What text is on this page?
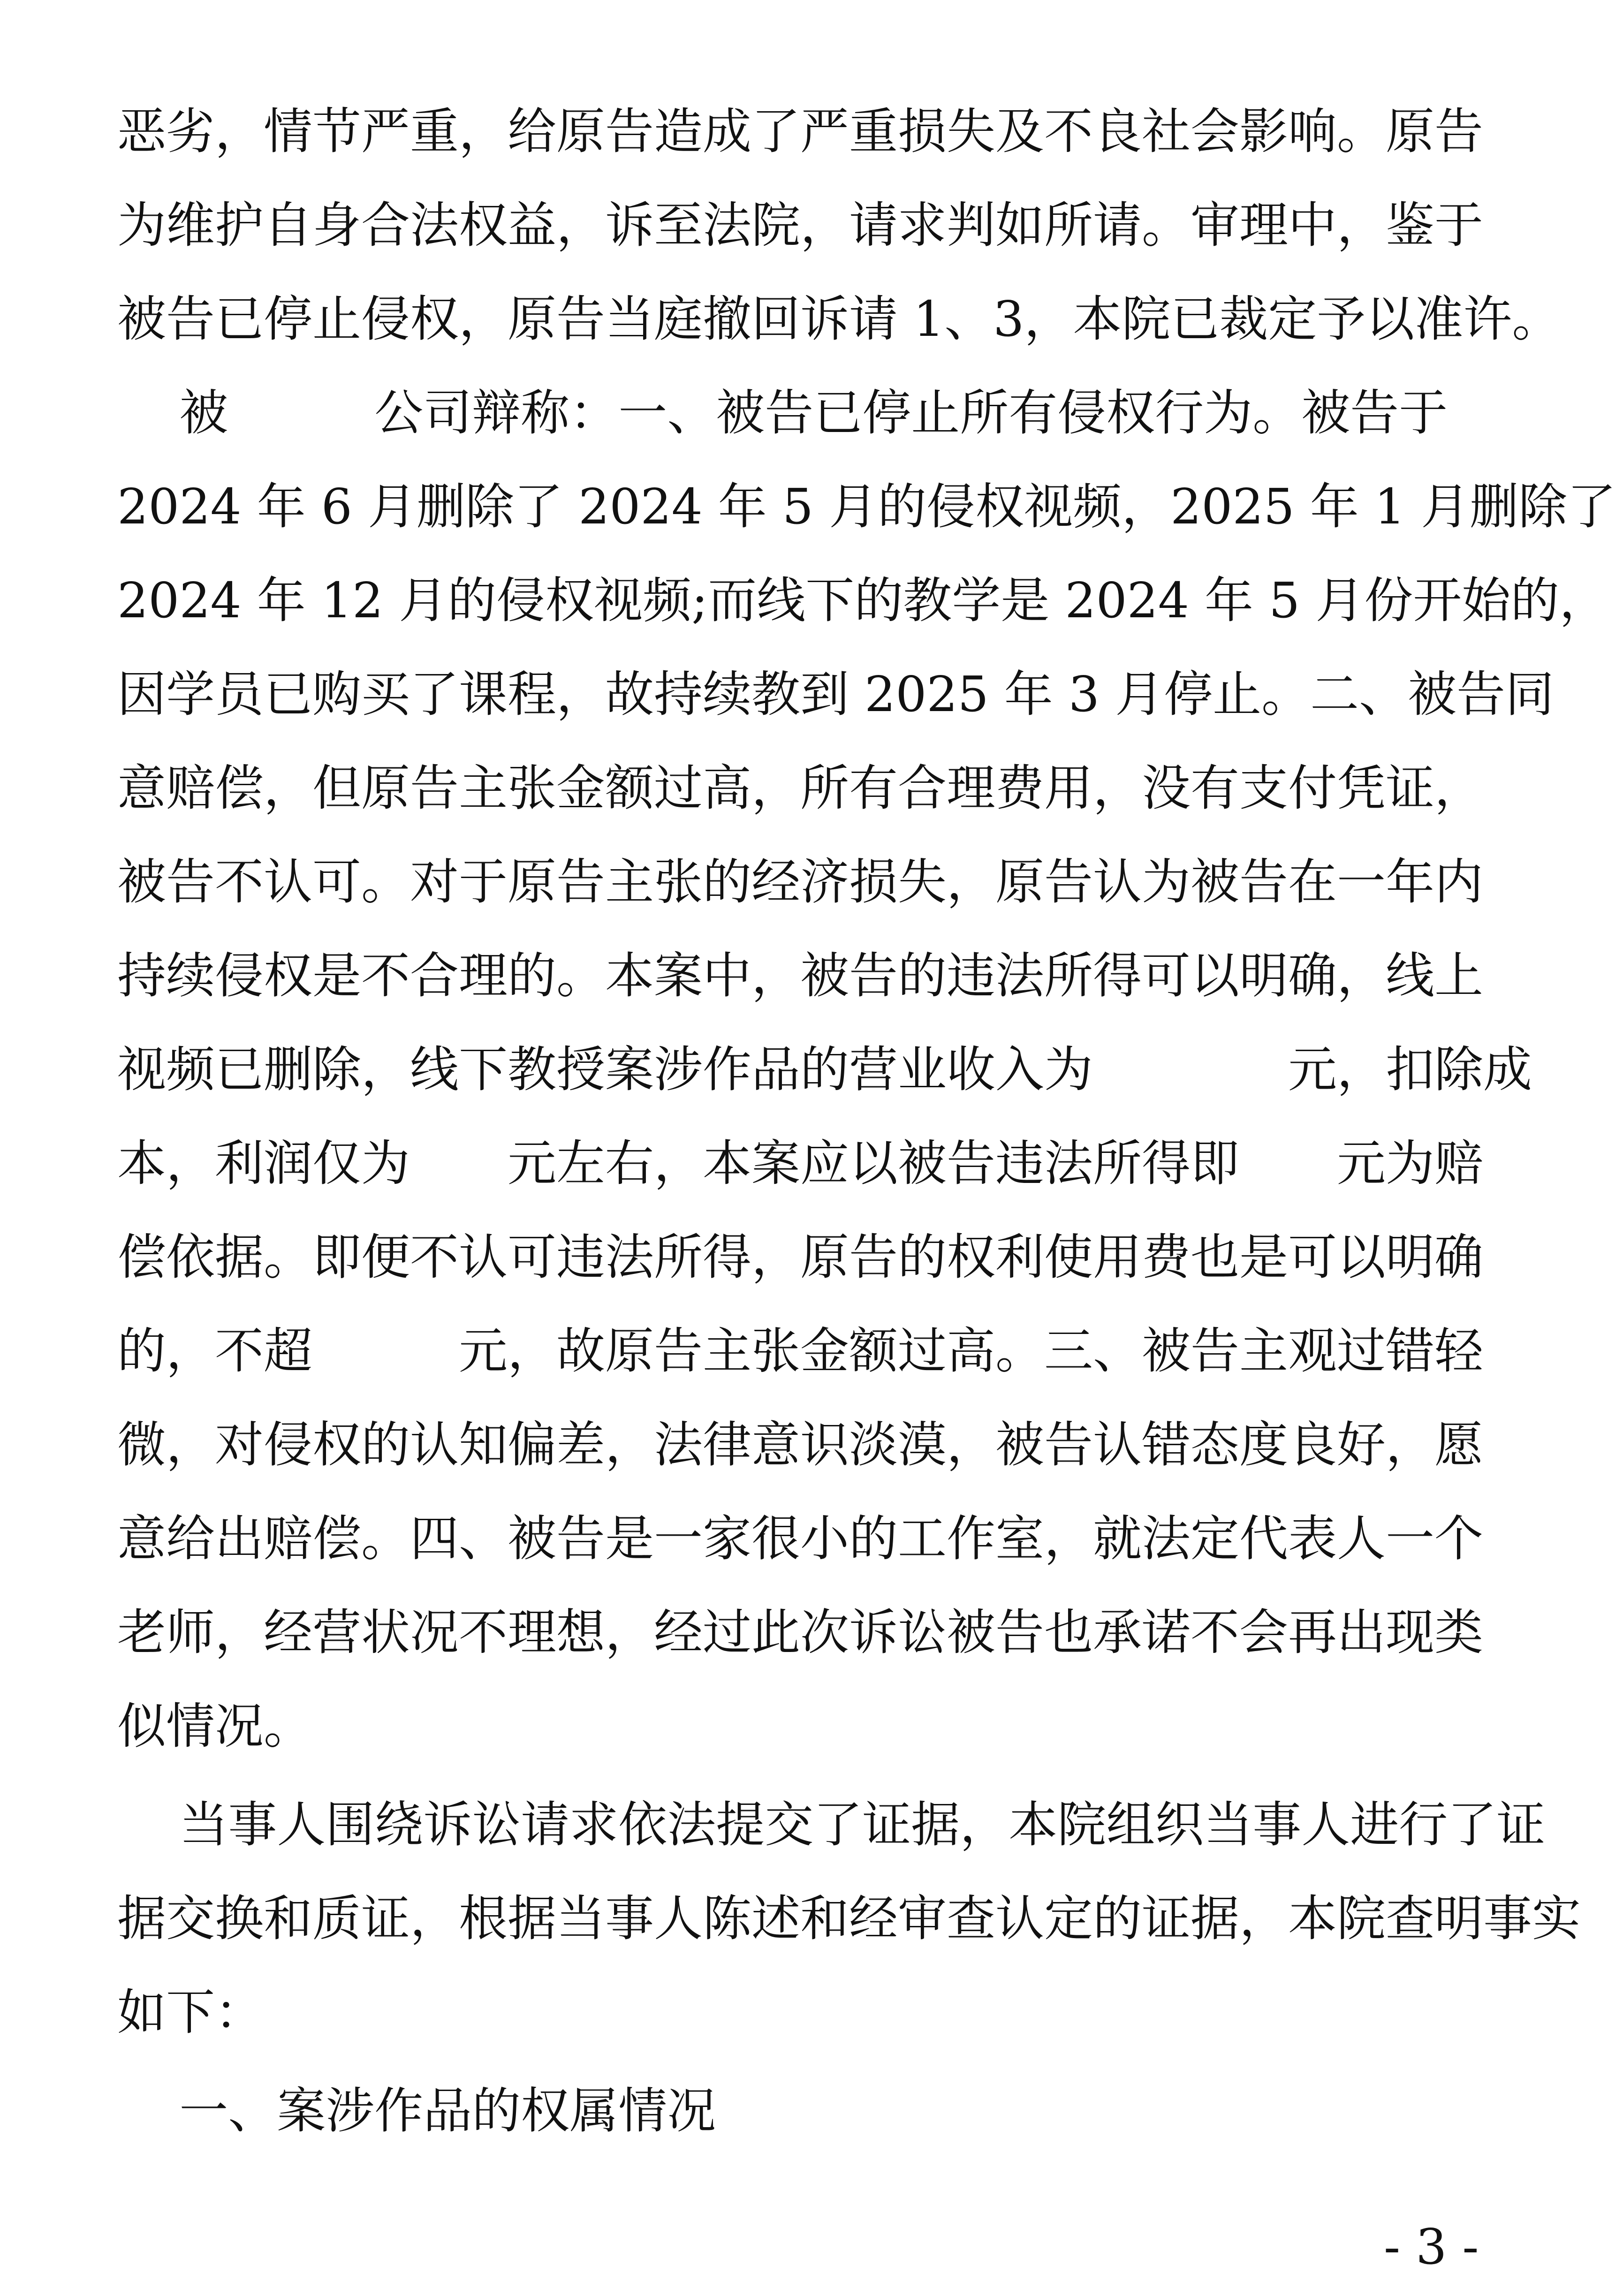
恶劣，情节严重，给原告造成了严重损失及不良社会影响。原告
为维护自身合法权益，诉至法院，请求判如所请。审理中，鉴于
被告已停止侵权，原告当庭撤回诉请 1、3，本院已裁定予以准许。
被　　　公司辩称：一、被告已停止所有侵权行为。被告于
2024 年 6 月删除了 2024 年 5 月的侵权视频，2025 年 1 月删除了
2024 年 12 月的侵权视频;而线下的教学是 2024 年 5 月份开始的，
因学员已购买了课程，故持续教到 2025 年 3 月停止。二、被告同
意赔偿，但原告主张金额过高，所有合理费用，没有支付凭证，
被告不认可。对于原告主张的经济损失，原告认为被告在一年内
持续侵权是不合理的。本案中，被告的违法所得可以明确，线上
视频已删除，线下教授案涉作品的营业收入为　　　　元，扣除成
本，利润仅为　　元左右，本案应以被告违法所得即　　元为赔
偿依据。即便不认可违法所得，原告的权利使用费也是可以明确
的，不超　　　元，故原告主张金额过高。三、被告主观过错轻
微，对侵权的认知偏差，法律意识淡漠，被告认错态度良好，愿
意给出赔偿。四、被告是一家很小的工作室，就法定代表人一个
老师，经营状况不理想，经过此次诉讼被告也承诺不会再出现类
似情况。
当事人围绕诉讼请求依法提交了证据，本院组织当事人进行了证
据交换和质证，根据当事人陈述和经审查认定的证据，本院查明事实
如下：
一、案涉作品的权属情况
- 3 -
